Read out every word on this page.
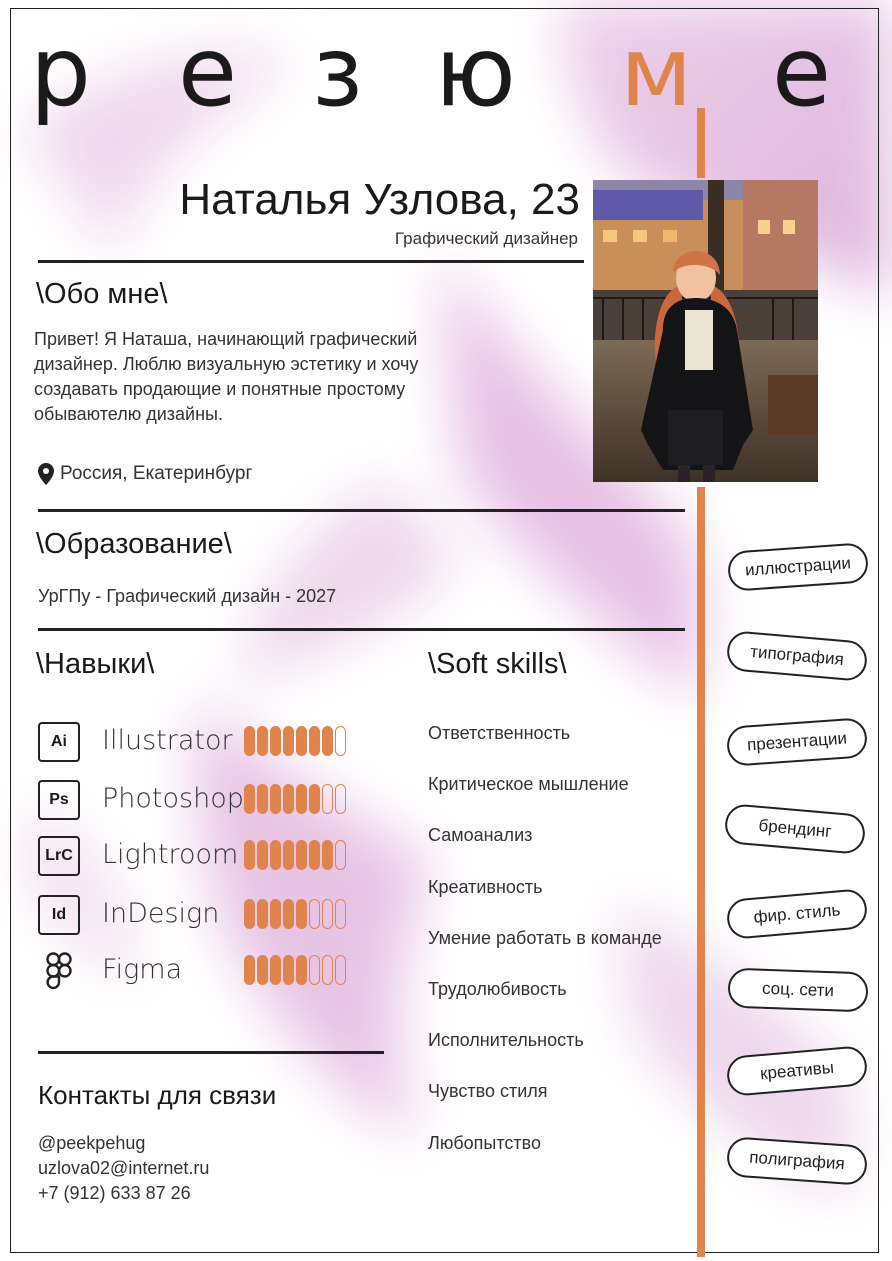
р е з ю м е
Наталья Узлова, 23
Графический дизайнер
\Обо мне\
Привет! Я Наташа, начинающий графический дизайнер. Люблю визуальную эстетику и хочу создавать продающие и понятные простому обываютелю дизайны.
Россия, Екатеринбург
\Образование\
УрГПу - Графический дизайн - 2027
\Навыки\	\Soft skills\
Ai	Illustrator
Ps	Photoshop
LrC Lightroom
Id	InDesign
Figma
Ответственность
Критическое мышление
Самоанализ
Креативность
Умение работать в команде
Трудолюбивость
Исполнительность
Чувство стиля
Любопытство
Контакты для связи
@peekpehug
uzlova02@internet.ru
+7 (912) 633 87 26
иллюстрации
типография
презентации
брендинг
фир. стиль
соц. сети
креативы
полиграфия
